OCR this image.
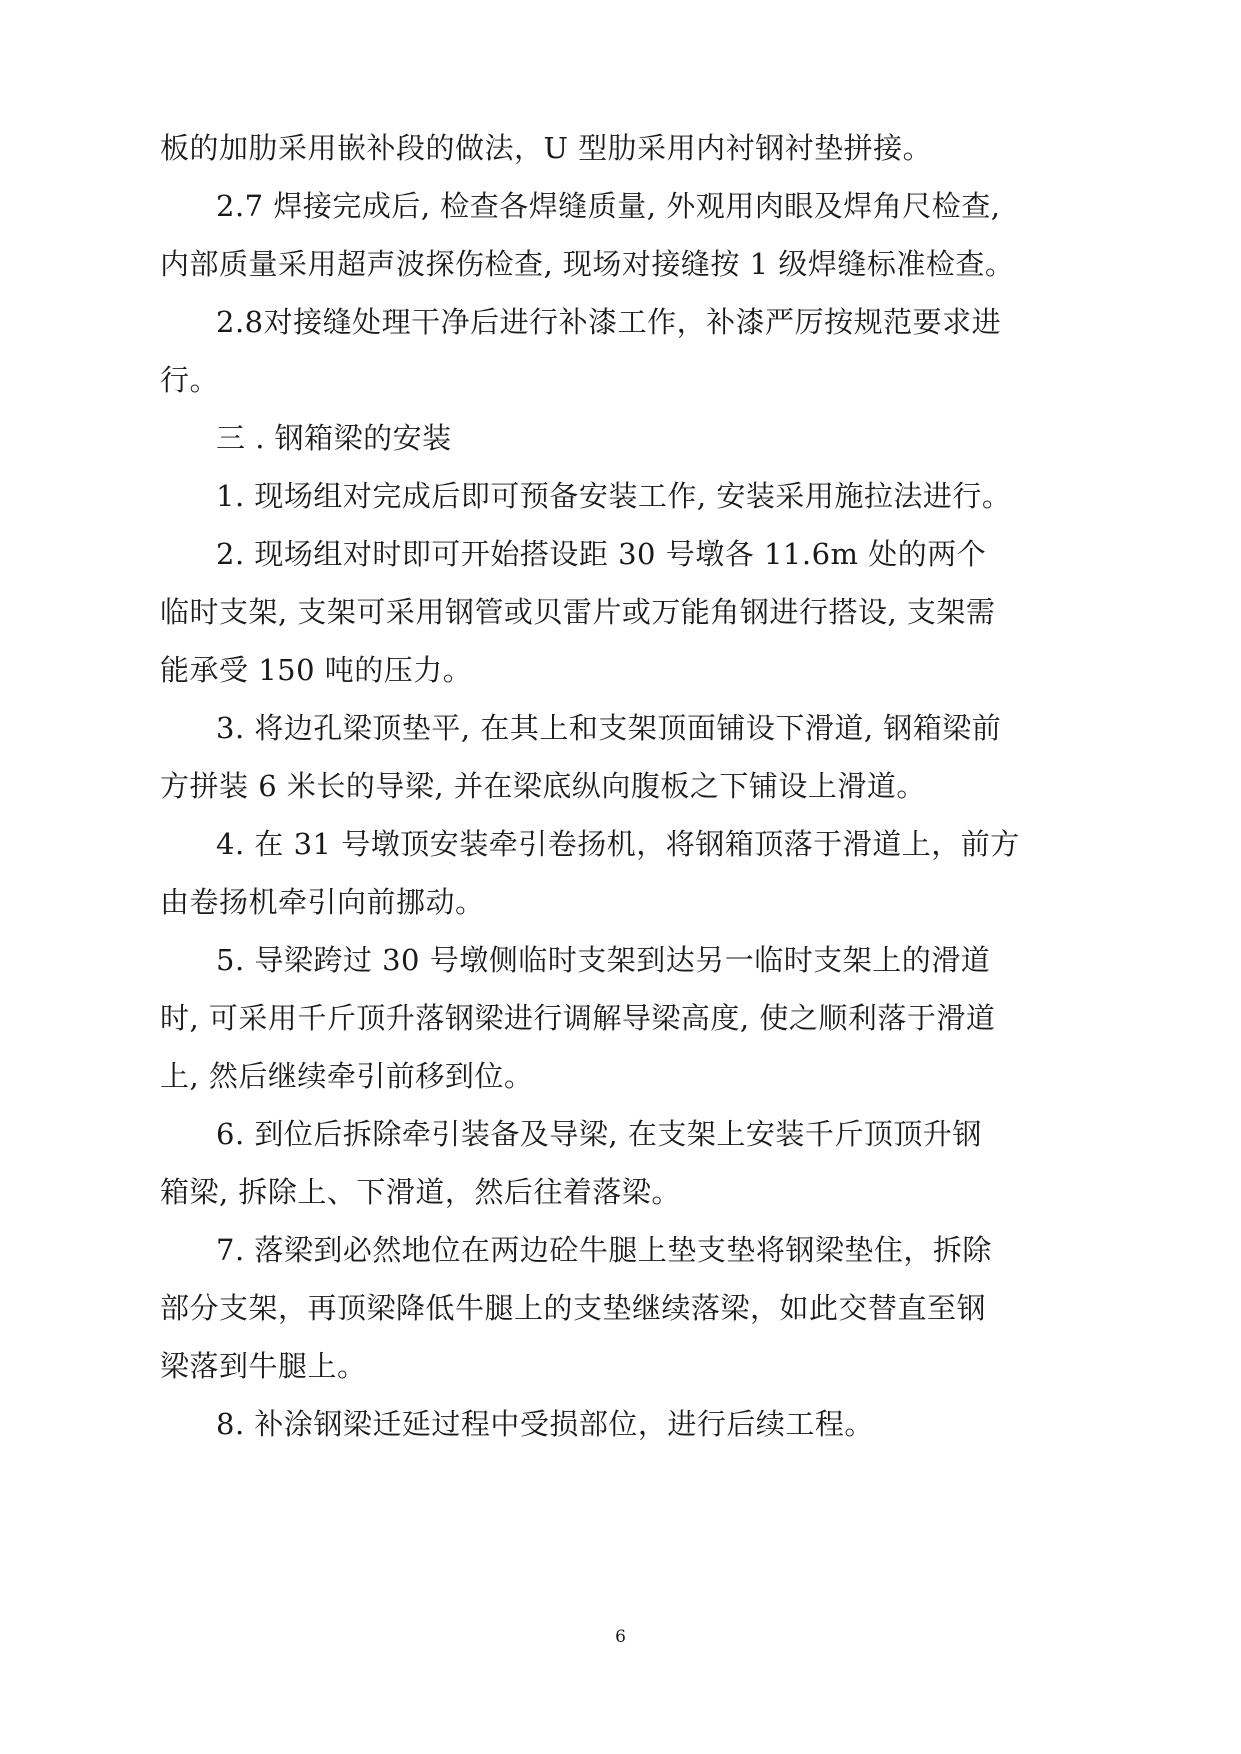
板的加肋采用嵌补段的做法，U 型肋采用内衬钢衬垫拼接。
2.7 焊接完成后, 检查各焊缝质量, 外观用肉眼及焊角尺检查,
内部质量采用超声波探伤检查, 现场对接缝按 1 级焊缝标准检查。
2.8对接缝处理干净后进行补漆工作，补漆严厉按规范要求进
行。
三 . 钢箱梁的安装
1. 现场组对完成后即可预备安装工作, 安装采用施拉法进行。
2. 现场组对时即可开始搭设距 30 号墩各 11.6m 处的两个
临时支架, 支架可采用钢管或贝雷片或万能角钢进行搭设, 支架需
能承受 150 吨的压力。
3. 将边孔梁顶垫平, 在其上和支架顶面铺设下滑道, 钢箱梁前
方拼装 6 米长的导梁, 并在梁底纵向腹板之下铺设上滑道。
4. 在 31 号墩顶安装牵引卷扬机，将钢箱顶落于滑道上，前方
由卷扬机牵引向前挪动。
5. 导梁跨过 30 号墩侧临时支架到达另一临时支架上的滑道
时, 可采用千斤顶升落钢梁进行调解导梁高度, 使之顺利落于滑道
上, 然后继续牵引前移到位。
6. 到位后拆除牵引装备及导梁, 在支架上安装千斤顶顶升钢
箱梁, 拆除上、下滑道，然后往着落梁。
7. 落梁到必然地位在两边砼牛腿上垫支垫将钢梁垫住，拆除
部分支架，再顶梁降低牛腿上的支垫继续落梁，如此交替直至钢
梁落到牛腿上。
8. 补涂钢梁迁延过程中受损部位，进行后续工程。
6
